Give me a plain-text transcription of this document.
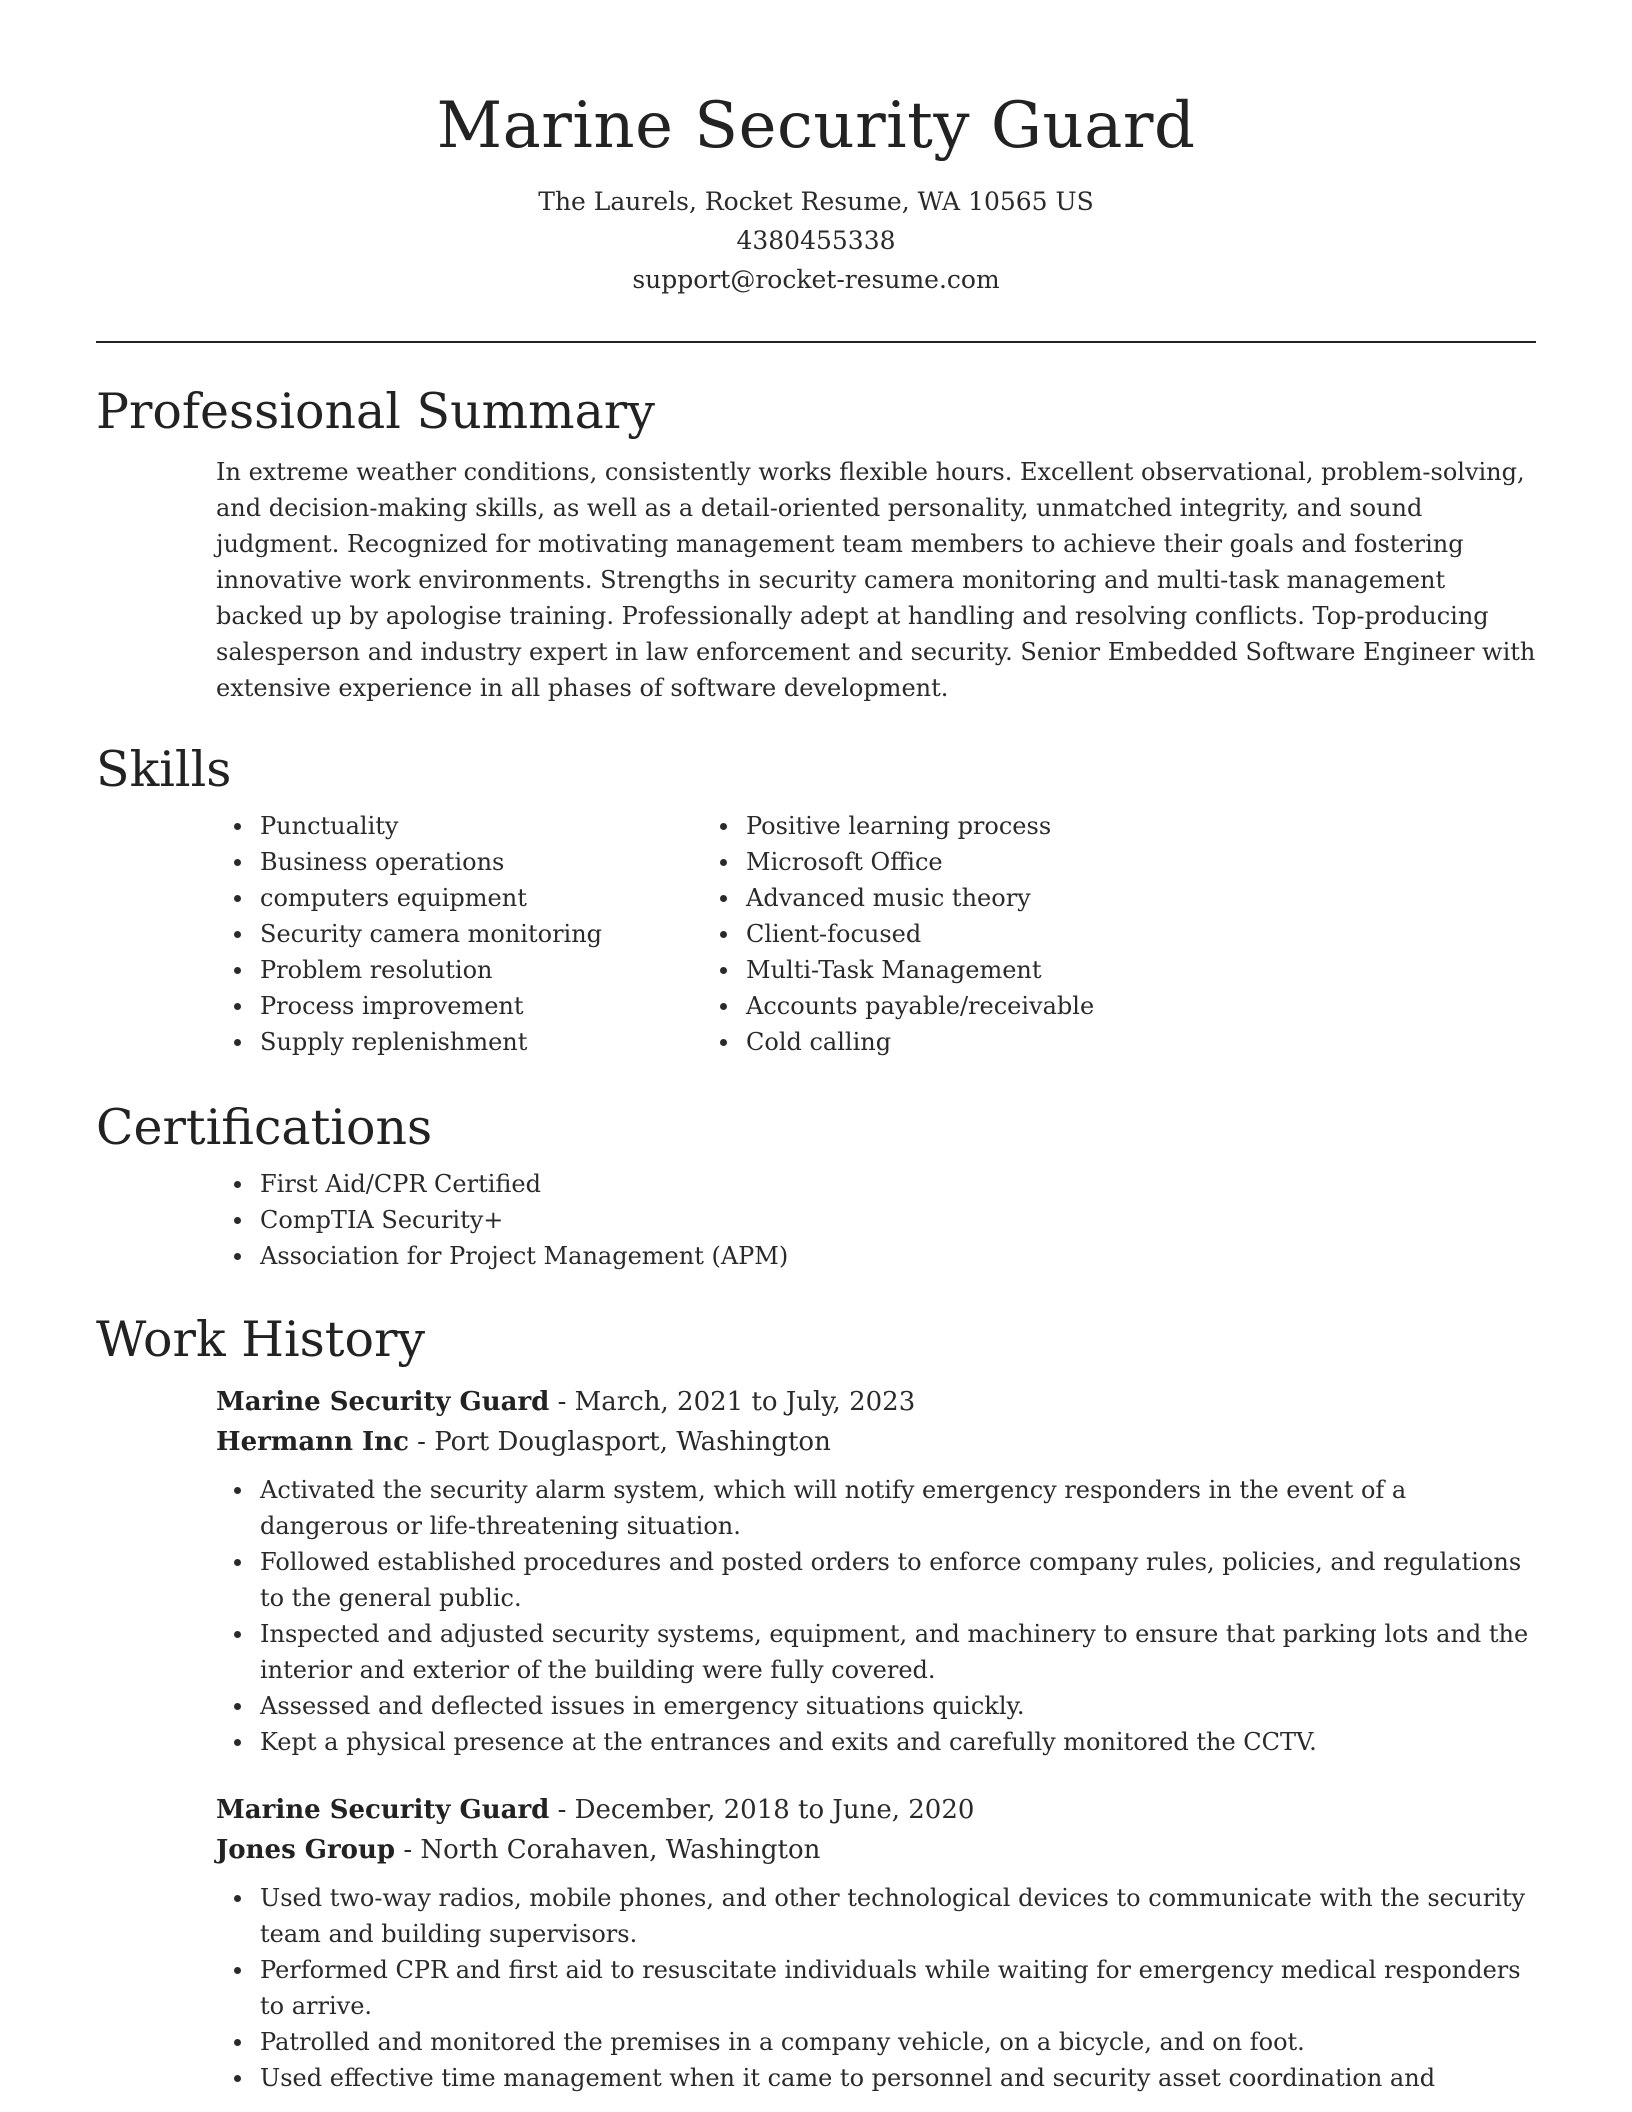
Marine Security Guard

The Laurels, Rocket Resume, WA 10565 US

4380455338

support@rocket-resume.com

Professional Summary

In extreme weather conditions, consistently works flexible hours. Excellent observational, problem-solving, and decision-making skills, as well as a detail-oriented personality, unmatched integrity, and sound judgment. Recognized for motivating management team members to achieve their goals and fostering innovative work environments. Strengths in security camera monitoring and multi-task management backed up by apologise training. Professionally adept at handling and resolving conflicts. Top-producing salesperson and industry expert in law enforcement and security. Senior Embedded Software Engineer with extensive experience in all phases of software development.

Skills
Punctuality
Business operations
computers equipment
Security camera monitoring
Problem resolution
Process improvement
Supply replenishment
Positive learning process
Microsoft Office
Advanced music theory
Client-focused
Multi-Task Management
Accounts payable/receivable
Cold calling
Certifications
First Aid/CPR Certified
CompTIA Security+
Association for Project Management (APM)
Work History
Marine Security Guard - March, 2021 to July, 2023
Hermann Inc - Port Douglasport, Washington
Activated the security alarm system, which will notify emergency responders in the event of a dangerous or life-threatening situation.
Followed established procedures and posted orders to enforce company rules, policies, and regulations to the general public.
Inspected and adjusted security systems, equipment, and machinery to ensure that parking lots and the interior and exterior of the building were fully covered.
Assessed and deflected issues in emergency situations quickly.
Kept a physical presence at the entrances and exits and carefully monitored the CCTV.
Marine Security Guard - December, 2018 to June, 2020
Jones Group - North Corahaven, Washington
Used two-way radios, mobile phones, and other technological devices to communicate with the security team and building supervisors.
Performed CPR and first aid to resuscitate individuals while waiting for emergency medical responders to arrive.
Patrolled and monitored the premises in a company vehicle, on a bicycle, and on foot.
Used effective time management when it came to personnel and security asset coordination and
